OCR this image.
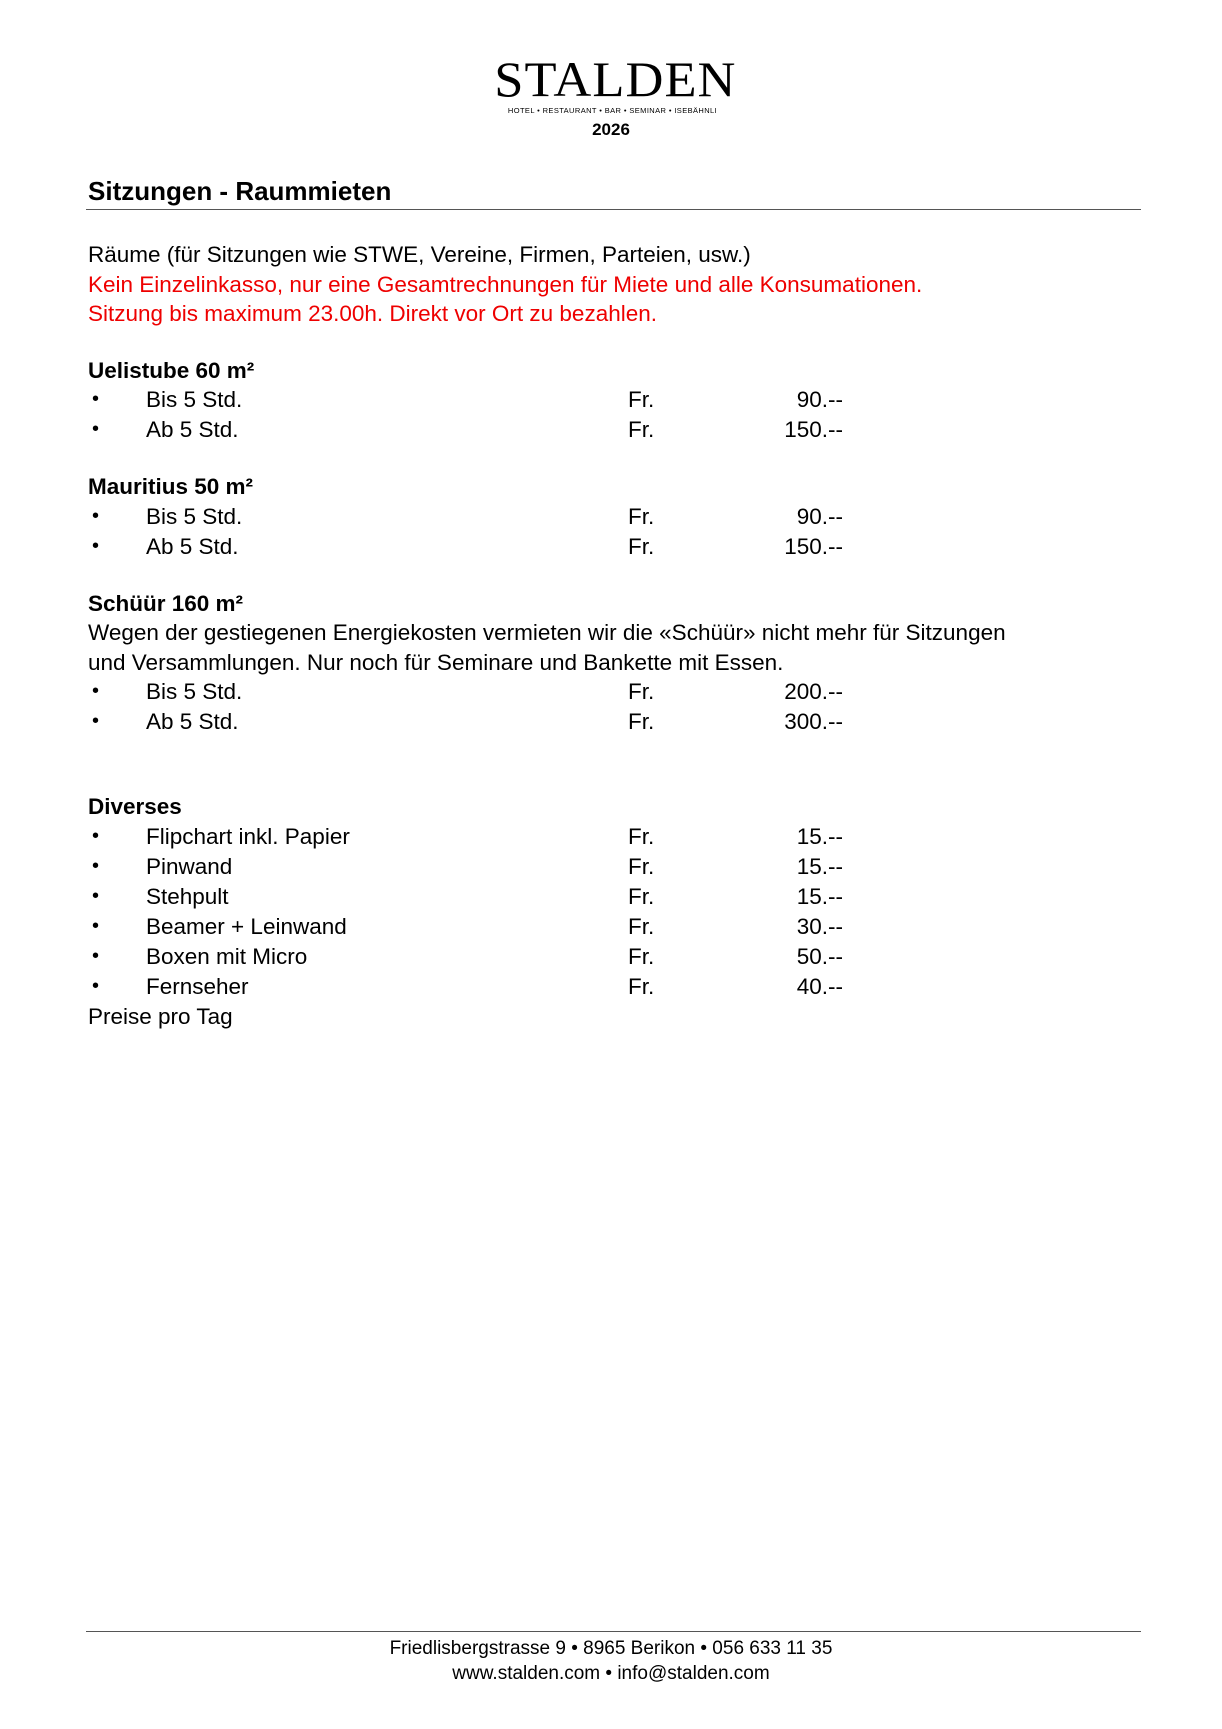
STALDEN
HOTEL • RESTAURANT • BAR • SEMINAR • ISEBÄHNLI
2026
Sitzungen - Raummieten
Räume (für Sitzungen wie STWE, Vereine, Firmen, Parteien, usw.)
Kein Einzelinkasso, nur eine Gesamtrechnungen für Miete und alle Konsumationen.
Sitzung bis maximum 23.00h. Direkt vor Ort zu bezahlen.
Uelistube 60 m²
• Bis 5 Std.	Fr.	90.--
• Ab 5 Std.	Fr.	150.--
Mauritius 50 m²
• Bis 5 Std.	Fr.	90.--
• Ab 5 Std.	Fr.	150.--
Schüür 160 m²
Wegen der gestiegenen Energiekosten vermieten wir die «Schüür» nicht mehr für Sitzungen
und Versammlungen. Nur noch für Seminare und Bankette mit Essen.
• Bis 5 Std.	Fr.	200.--
• Ab 5 Std.	Fr.	300.--
Diverses
• Flipchart inkl. Papier	Fr.	15.--
• Pinwand	Fr.	15.--
• Stehpult	Fr.	15.--
• Beamer + Leinwand	Fr.	30.--
• Boxen mit Micro	Fr.	50.--
• Fernseher	Fr.	40.--
Preise pro Tag
Friedlisbergstrasse 9 • 8965 Berikon • 056 633 11 35
www.stalden.com • info@stalden.com
